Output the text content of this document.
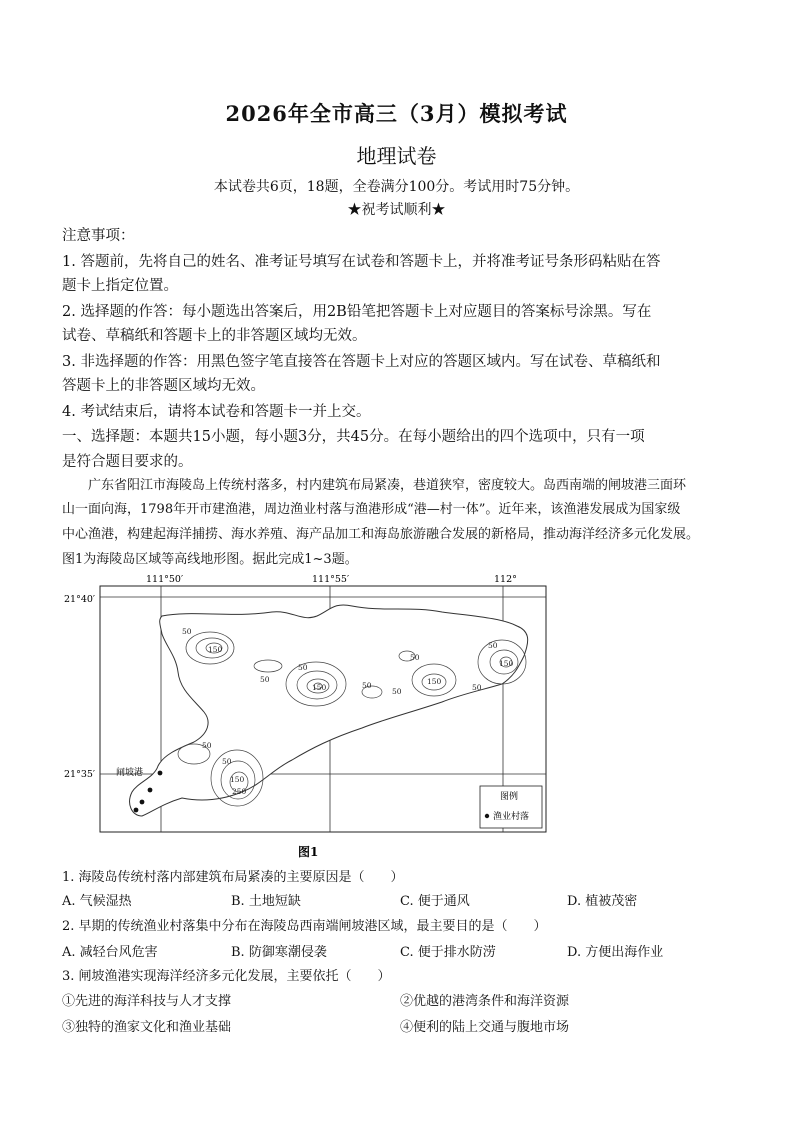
2026年全市高三（3月）模拟考试
地理试卷
本试卷共6页，18题，全卷满分100分。考试用时75分钟。
★祝考试顺利★
注意事项：
1. 答题前，先将自己的姓名、准考证号填写在试卷和答题卡上，并将准考证号条形码粘贴在答
题卡上指定位置。
2. 选择题的作答：每小题选出答案后，用2B铅笔把答题卡上对应题目的答案标号涂黑。写在
试卷、草稿纸和答题卡上的非答题区域均无效。
3. 非选择题的作答：用黑色签字笔直接答在答题卡上对应的答题区域内。写在试卷、草稿纸和
答题卡上的非答题区域均无效。
4. 考试结束后，请将本试卷和答题卡一并上交。
一、选择题：本题共15小题，每小题3分，共45分。在每小题给出的四个选项中，只有一项
是符合题目要求的。
广东省阳江市海陵岛上传统村落多，村内建筑布局紧凑，巷道狭窄，密度较大。岛西南端的闸坡港三面环
山一面向海，1798年开市建渔港，周边渔业村落与渔港形成“港—村一体”。近年来，该渔港发展成为国家级
中心渔港，构建起海洋捕捞、海水养殖、海产品加工和海岛旅游融合发展的新格局，推动海洋经济多元化发展。
图1为海陵岛区域等高线地形图。据此完成1~3题。
111°50′	111°55′	112°
21°40′
21°35′
50
150
50
50
150	50
50
50
150
50
50
150
50
50
150
250
闸坡港
图例
渔业村落
图1
1. 海陵岛传统村落内部建筑布局紧凑的主要原因是（　　）
A. 气候湿热	B. 土地短缺	C. 便于通风	D. 植被茂密
2. 早期的传统渔业村落集中分布在海陵岛西南端闸坡港区域，最主要目的是（　　）
A. 减轻台风危害	B. 防御寒潮侵袭	C. 便于排水防涝	D. 方便出海作业
3. 闸坡渔港实现海洋经济多元化发展，主要依托（　　）
①先进的海洋科技与人才支撑	②优越的港湾条件和海洋资源
③独特的渔家文化和渔业基础	④便利的陆上交通与腹地市场
